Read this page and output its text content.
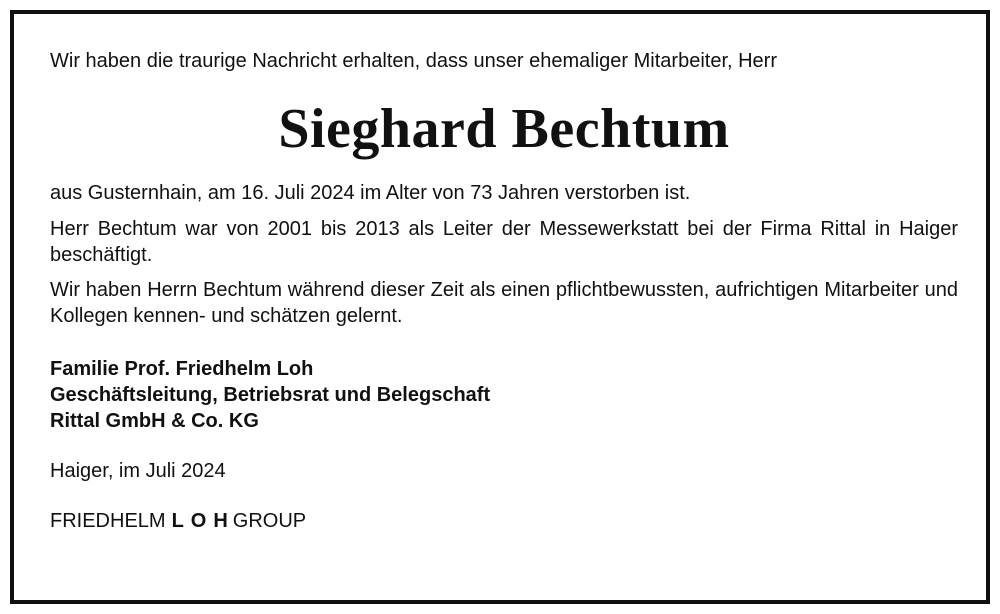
Wir haben die traurige Nachricht erhalten, dass unser ehemaliger Mitarbeiter, Herr

Sieghard Bechtum

aus Gusternhain, am 16. Juli 2024 im Alter von 73 Jahren verstorben ist.

Herr Bechtum war von 2001 bis 2013 als Leiter der Messewerkstatt bei der Firma Rittal in Haiger beschäftigt.

Wir haben Herrn Bechtum während dieser Zeit als einen pflichtbewussten, aufrichtigen Mitarbeiter und Kollegen kennen- und schätzen gelernt.

Familie Prof. Friedhelm Loh

Geschäftsleitung, Betriebsrat und Belegschaft

Rittal GmbH & Co. KG

Haiger, im Juli 2024

FRIEDHELM LOHGROUP
